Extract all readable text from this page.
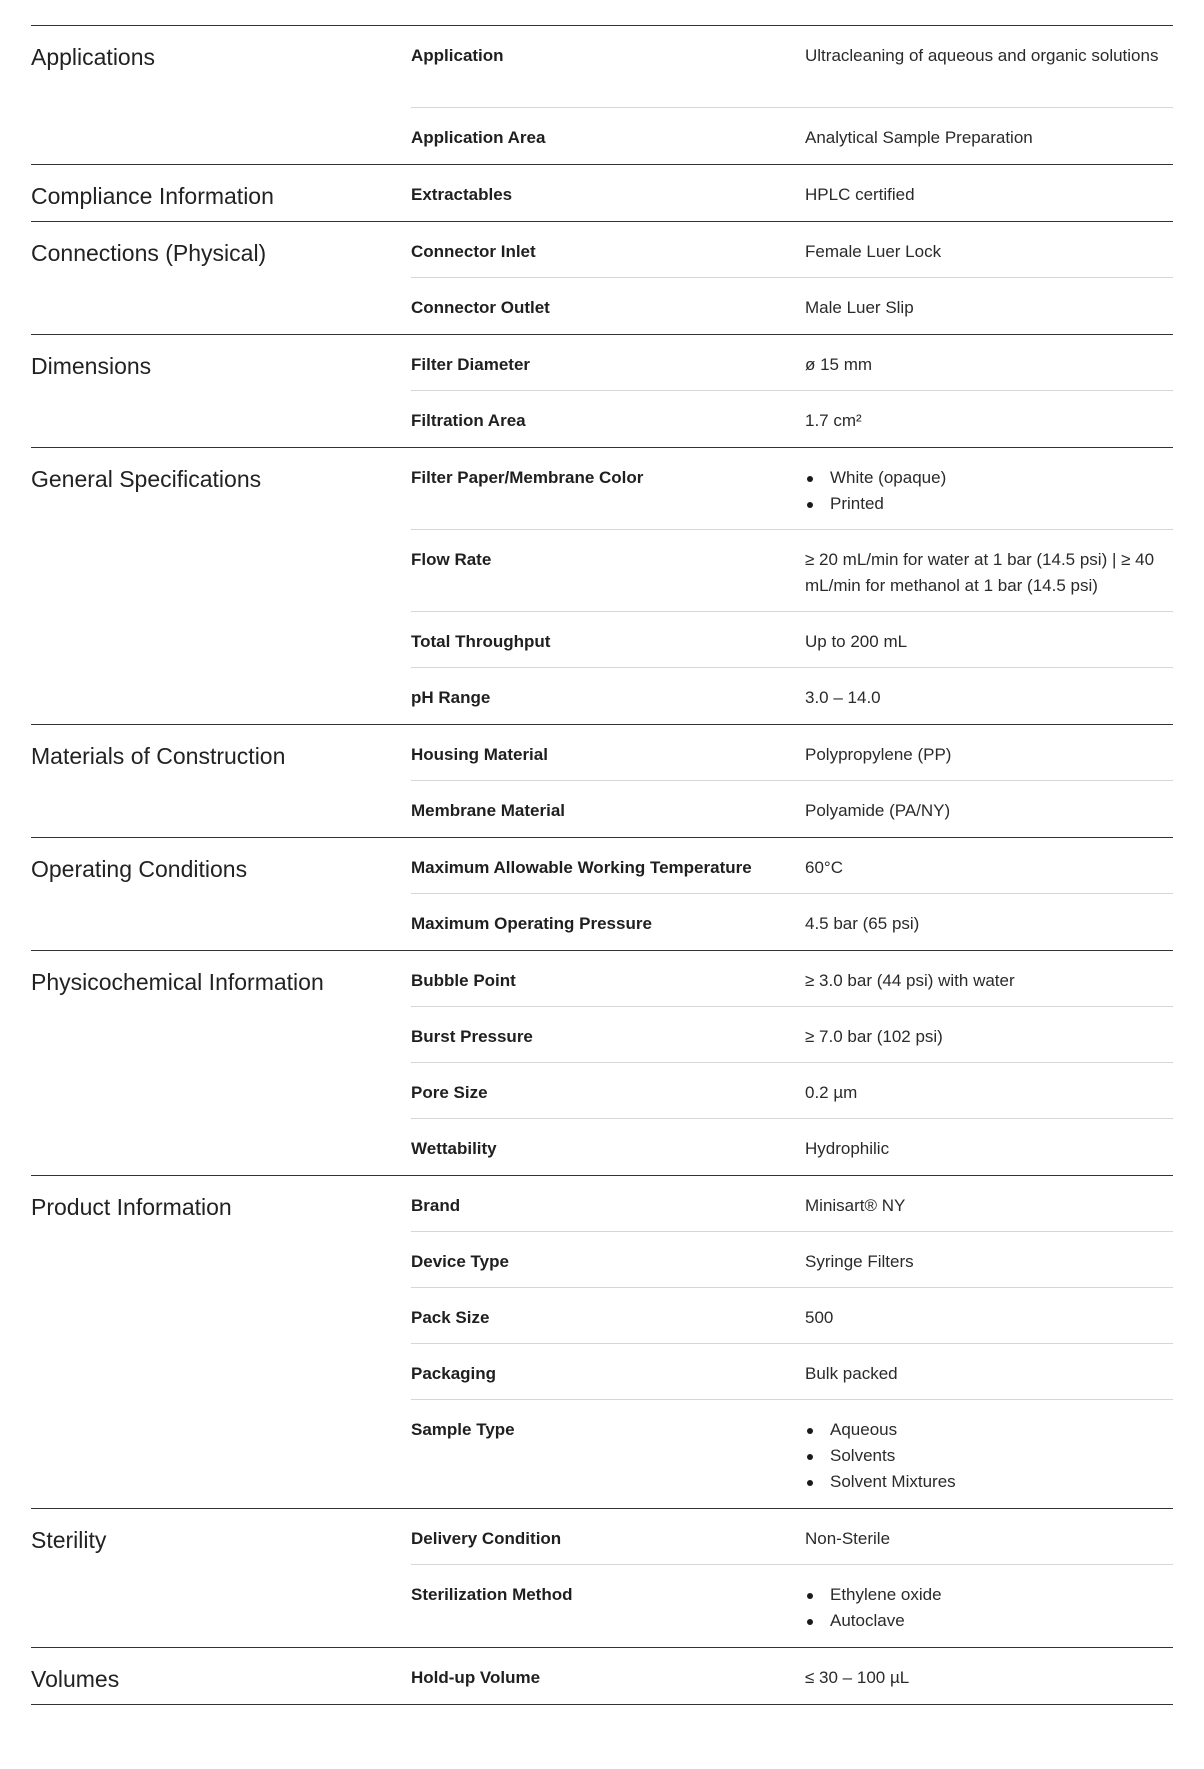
Applications	Application	Ultracleaning of aqueous and organic solutions
Application Area	Analytical Sample Preparation
Compliance Information	Extractables	HPLC certified
Connections (Physical)	Connector Inlet	Female Luer Lock
Connector Outlet	Male Luer Slip
Dimensions	Filter Diameter	ø 15 mm
Filtration Area	1.7 cm²
General Specifications	Filter Paper/Membrane Color	White (opaque)
Printed
Flow Rate	≥ 20 mL/min for water at 1 bar (14.5 psi) | ≥ 40 mL/min for methanol at 1 bar (14.5 psi)
Total Throughput	Up to 200 mL
pH Range	3.0 – 14.0
Materials of Construction	Housing Material	Polypropylene (PP)
Membrane Material	Polyamide (PA/NY)
Operating Conditions	Maximum Allowable Working Temperature	60°C
Maximum Operating Pressure	4.5 bar (65 psi)
Physicochemical Information	Bubble Point	≥ 3.0 bar (44 psi) with water
Burst Pressure	≥ 7.0 bar (102 psi)
Pore Size	0.2 µm
Wettability	Hydrophilic
Product Information	Brand	Minisart® NY
Device Type	Syringe Filters
Pack Size	500
Packaging	Bulk packed
Sample Type	Aqueous
Solvents
Solvent Mixtures
Sterility	Delivery Condition	Non-Sterile
Sterilization Method	Ethylene oxide
Autoclave
Volumes	Hold-up Volume	≤ 30 – 100 µL
